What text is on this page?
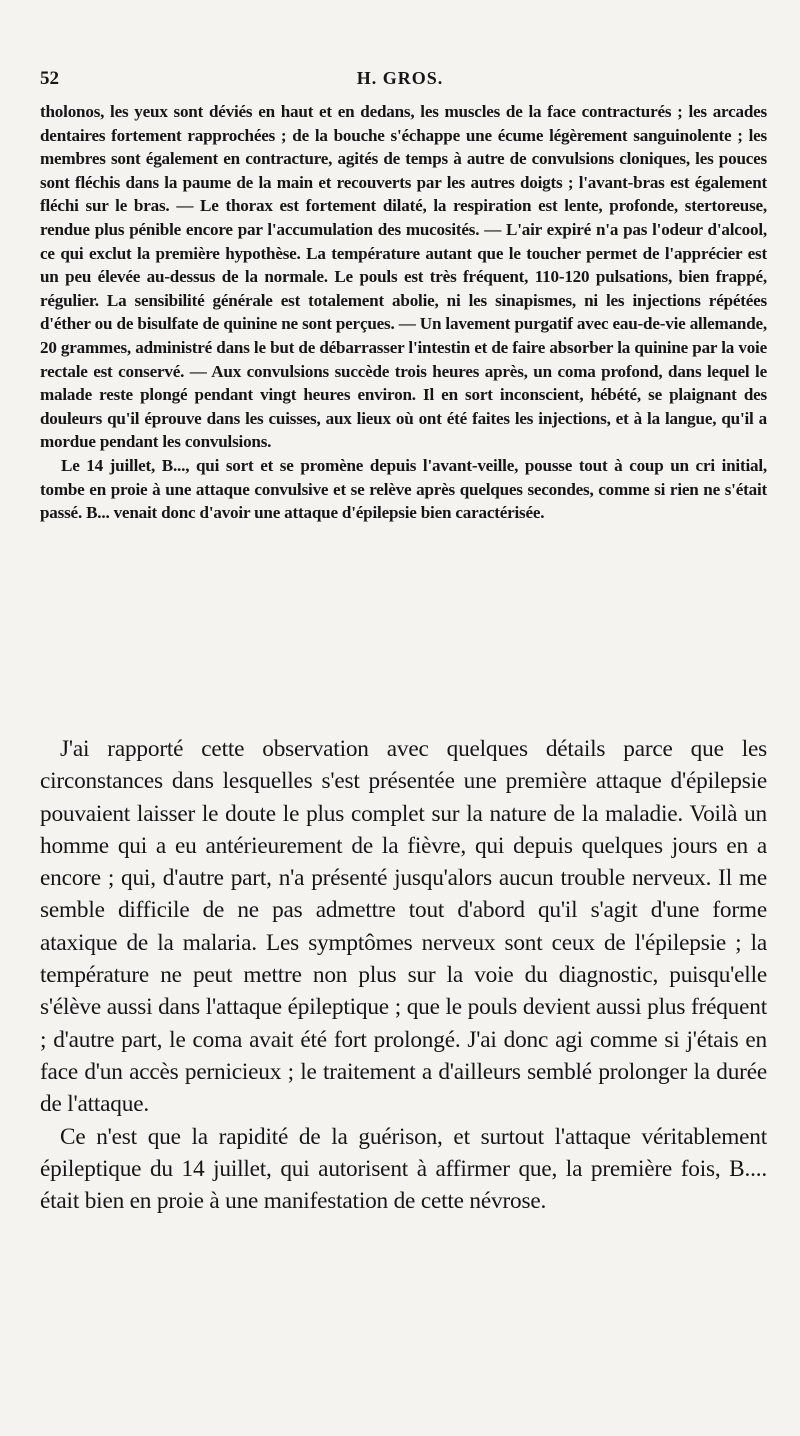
52	H. GROS.

tholonos, les yeux sont déviés en haut et en dedans, les muscles de la face contracturés ; les arcades dentaires fortement rapprochées ; de la bouche s'échappe une écume légèrement sanguinolente ; les membres sont également en contracture, agités de temps à autre de convulsions cloniques, les pouces sont fléchis dans la paume de la main et recouverts par les autres doigts ; l'avant-bras est également fléchi sur le bras. — Le thorax est fortement dilaté, la respiration est lente, profonde, stertoreuse, rendue plus pénible encore par l'accumulation des mucosités. — L'air expiré n'a pas l'odeur d'alcool, ce qui exclut la première hypothèse. La température autant que le toucher permet de l'apprécier est un peu élevée au-dessus de la normale. Le pouls est très fréquent, 110-120 pulsations, bien frappé, régulier. La sensibilité générale est totalement abolie, ni les sinapismes, ni les injections répétées d'éther ou de bisulfate de quinine ne sont perçues. — Un lavement purgatif avec eau-de-vie allemande, 20 grammes, administré dans le but de débarrasser l'intestin et de faire absorber la quinine par la voie rectale est conservé. — Aux convulsions succède trois heures après, un coma profond, dans lequel le malade reste plongé pendant vingt heures environ. Il en sort inconscient, hébété, se plaignant des douleurs qu'il éprouve dans les cuisses, aux lieux où ont été faites les injections, et à la langue, qu'il a mordue pendant les convulsions.

Le 14 juillet, B..., qui sort et se promène depuis l'avant-veille, pousse tout à coup un cri initial, tombe en proie à une attaque convulsive et se relève après quelques secondes, comme si rien ne s'était passé. B... venait donc d'avoir une attaque d'épilepsie bien caractérisée.

J'ai rapporté cette observation avec quelques détails parce que les circonstances dans lesquelles s'est présentée une première attaque d'épilepsie pouvaient laisser le doute le plus complet sur la nature de la maladie. Voilà un homme qui a eu antérieurement de la fièvre, qui depuis quelques jours en a encore ; qui, d'autre part, n'a présenté jusqu'alors aucun trouble nerveux. Il me semble difficile de ne pas admettre tout d'abord qu'il s'agit d'une forme ataxique de la malaria. Les symptômes nerveux sont ceux de l'épilepsie ; la température ne peut mettre non plus sur la voie du diagnostic, puisqu'elle s'élève aussi dans l'attaque épileptique ; que le pouls devient aussi plus fréquent ; d'autre part, le coma avait été fort prolongé. J'ai donc agi comme si j'étais en face d'un accès pernicieux ; le traitement a d'ailleurs semblé prolonger la durée de l'attaque.

Ce n'est que la rapidité de la guérison, et surtout l'attaque véritablement épileptique du 14 juillet, qui autorisent à affirmer que, la première fois, B.... était bien en proie à une manifestation de cette névrose.
